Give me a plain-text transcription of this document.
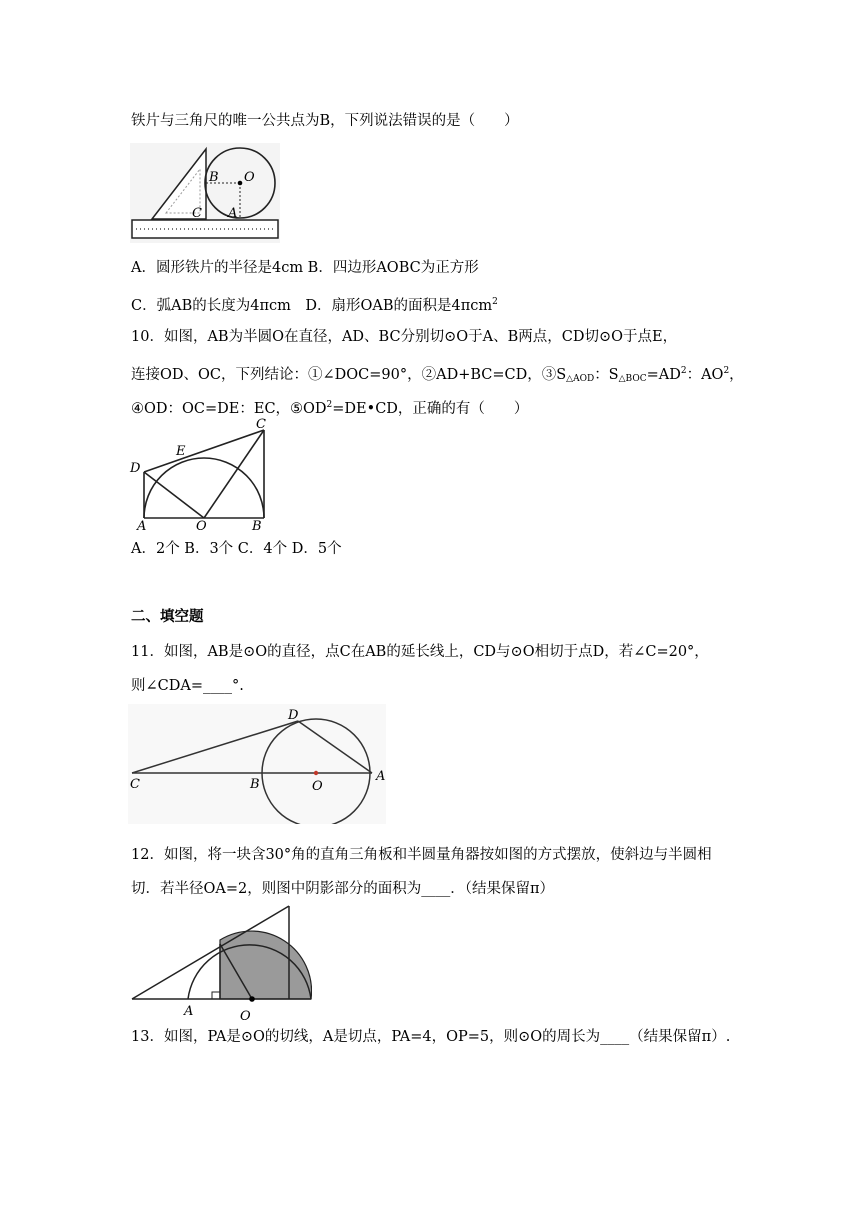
铁片与三角尺的唯一公共点为B，下列说法错误的是（　　）
B O
C A
A．圆形铁片的半径是4cm B．四边形AOBC为正方形
C．弧AB的长度为4πcm　D．扇形OAB的面积是4πcm$^2$
10．如图，AB为半圆O在直径，AD、BC分别切⊙O于A、B两点，CD切⊙O于点E，
连接OD、OC，下列结论：①∠DOC=90°，②AD+BC=CD，$③S_{\triangle AOD}$：$S_{\triangle BOC}=AD^2$：$AO^2$，
④OD：OC=DE：EC，$⑤OD^2=DE•CD$，正确的有（　　）
C
E
D
A	O	B
A．2个 B．3个 C．4个 D．5个
二、填空题
11．如图，AB是⊙O的直径，点C在AB的延长线上，CD与⊙O相切于点D，若∠C=20°，
则∠CDA=____°.
D
C	B	O
A
12．如图，将一块含30°角的直角三角板和半圆量角器按如图的方式摆放，使斜边与半圆相
切．若半径OA=2，则图中阴影部分的面积为____．（结果保留π）
A	O
13．如图，PA是⊙O的切线，A是切点，PA=4，OP=5，则⊙O的周长为____（结果保留π）.
